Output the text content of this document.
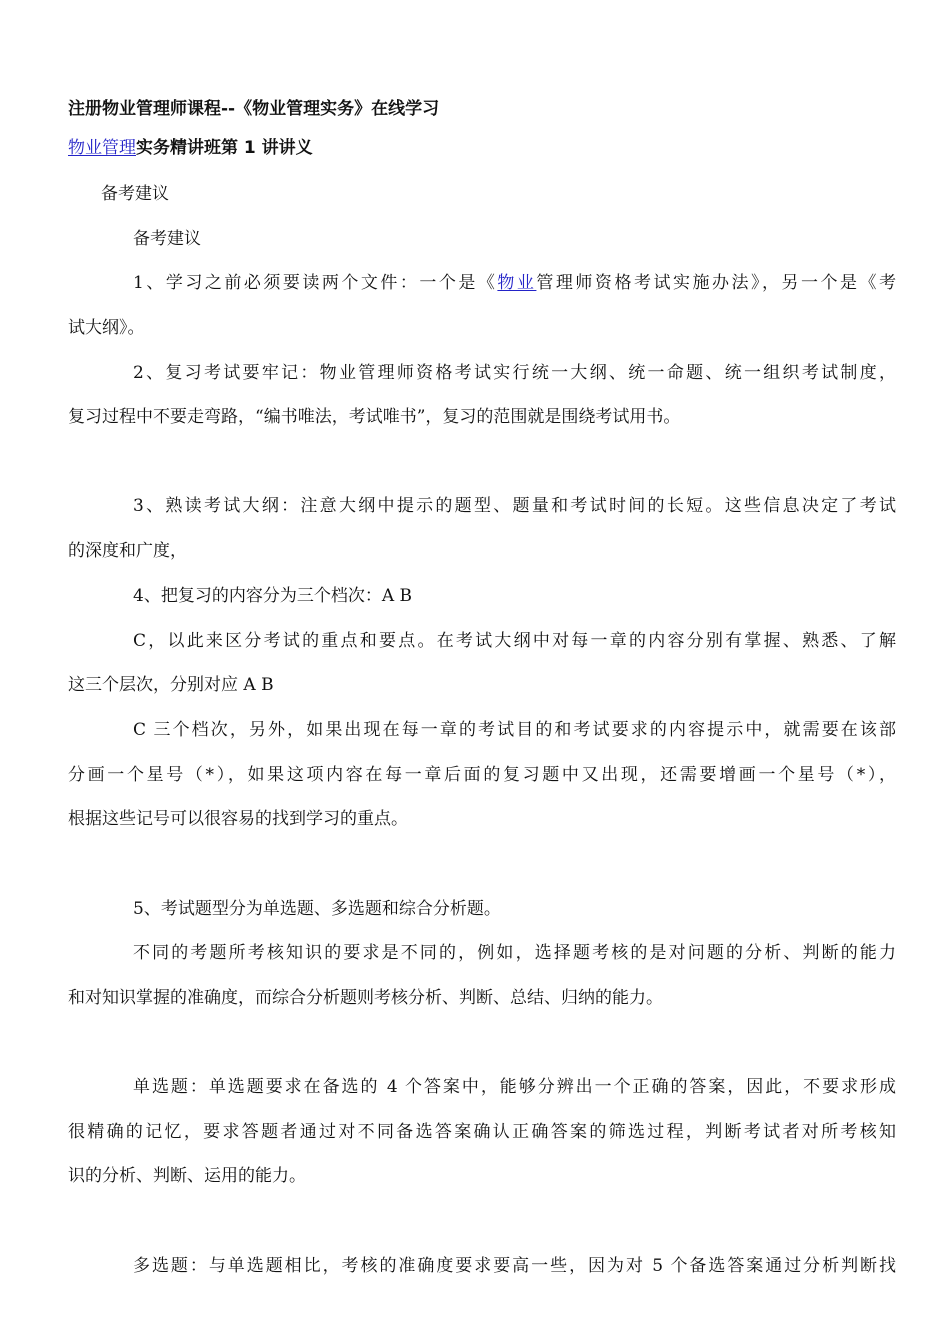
注册物业管理师课程--《物业管理实务》在线学习
物业管理实务精讲班第 1 讲讲义
备考建议
备考建议
1、学习之前必须要读两个文件：一个是《物业管理师资格考试实施办法》，另一个是《考
试大纲》。
2、复习考试要牢记：物业管理师资格考试实行统一大纲、统一命题、统一组织考试制度，
复习过程中不要走弯路，“编书唯法，考试唯书”，复习的范围就是围绕考试用书。
3、熟读考试大纲：注意大纲中提示的题型、题量和考试时间的长短。这些信息决定了考试
的深度和广度，
4、把复习的内容分为三个档次：A B
C，以此来区分考试的重点和要点。在考试大纲中对每一章的内容分别有掌握、熟悉、了解
这三个层次，分别对应 A B
C 三个档次，另外，如果出现在每一章的考试目的和考试要求的内容提示中，就需要在该部
分画一个星号（*），如果这项内容在每一章后面的复习题中又出现，还需要增画一个星号（*），
根据这些记号可以很容易的找到学习的重点。
5、考试题型分为单选题、多选题和综合分析题。
不同的考题所考核知识的要求是不同的，例如，选择题考核的是对问题的分析、判断的能力
和对知识掌握的准确度，而综合分析题则考核分析、判断、总结、归纳的能力。
单选题：单选题要求在备选的 4 个答案中，能够分辨出一个正确的答案，因此，不要求形成
很精确的记忆，要求答题者通过对不同备选答案确认正确答案的筛选过程，判断考试者对所考核知
识的分析、判断、运用的能力。
多选题：与单选题相比，考核的准确度要求要高一些，因为对 5 个备选答案通过分析判断找
